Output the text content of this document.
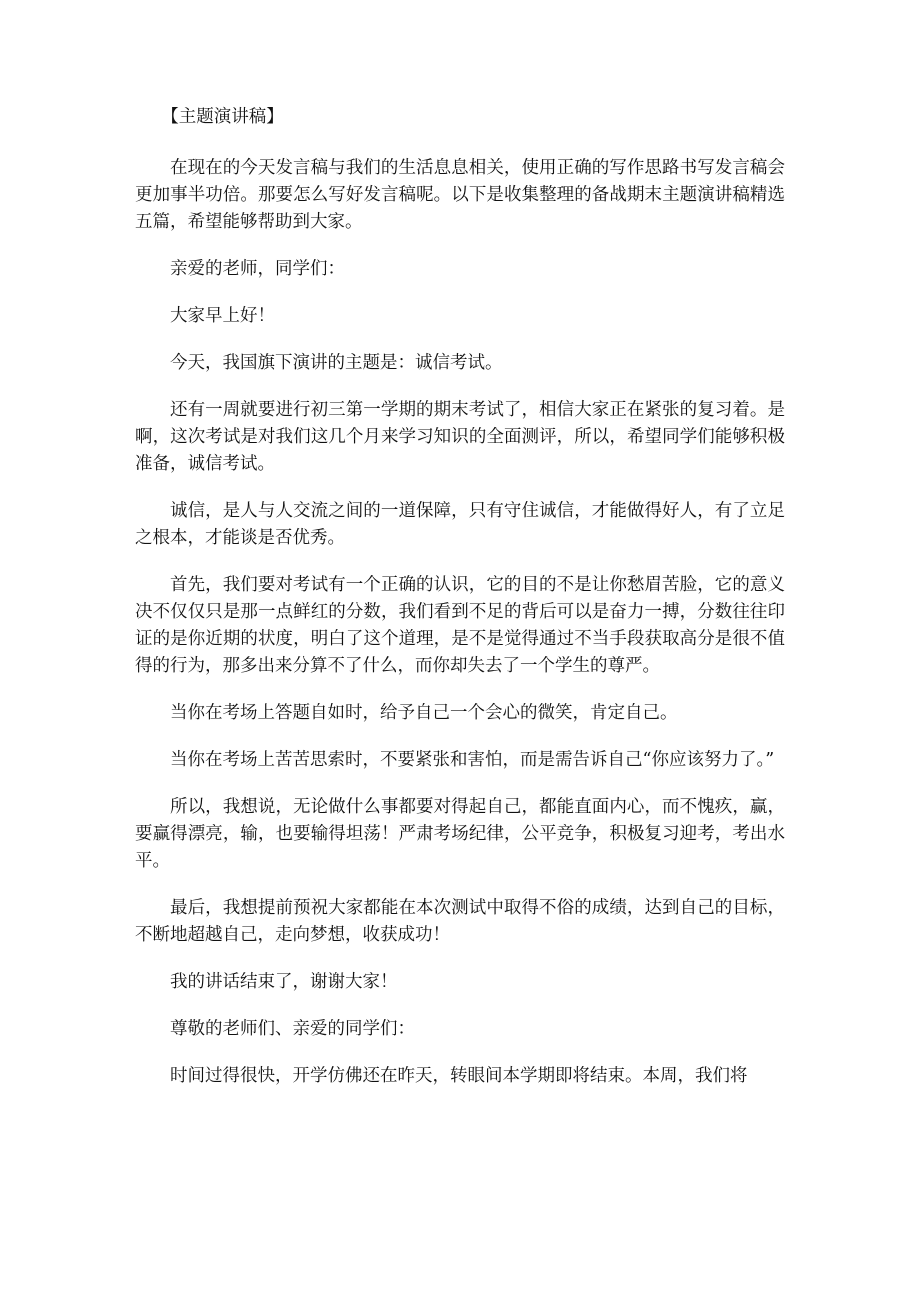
【主题演讲稿】

在现在的今天发言稿与我们的生活息息相关，使用正确的写作思路书写发言稿会更加事半功倍。那要怎么写好发言稿呢。以下是收集整理的备战期末主题演讲稿精选五篇，希望能够帮助到大家。

亲爱的老师，同学们：

大家早上好！

今天，我国旗下演讲的主题是：诚信考试。

还有一周就要进行初三第一学期的期末考试了，相信大家正在紧张的复习着。是啊，这次考试是对我们这几个月来学习知识的全面测评，所以，希望同学们能够积极准备，诚信考试。

诚信，是人与人交流之间的一道保障，只有守住诚信，才能做得好人，有了立足之根本，才能谈是否优秀。

首先，我们要对考试有一个正确的认识，它的目的不是让你愁眉苦脸，它的意义决不仅仅只是那一点鲜红的分数，我们看到不足的背后可以是奋力一搏，分数往往印证的是你近期的状度，明白了这个道理，是不是觉得通过不当手段获取高分是很不值得的行为，那多出来分算不了什么，而你却失去了一个学生的尊严。

当你在考场上答题自如时，给予自己一个会心的微笑，肯定自己。

当你在考场上苦苦思索时，不要紧张和害怕，而是需告诉自己“你应该努力了。”

所以，我想说，无论做什么事都要对得起自己，都能直面内心，而不愧疚，赢，要赢得漂亮，输，也要输得坦荡！严肃考场纪律，公平竞争，积极复习迎考，考出水平。

最后，我想提前预祝大家都能在本次测试中取得不俗的成绩，达到自己的目标，不断地超越自己，走向梦想，收获成功！

我的讲话结束了，谢谢大家！

尊敬的老师们、亲爱的同学们：

时间过得很快，开学仿佛还在昨天，转眼间本学期即将结束。本周，我们将
